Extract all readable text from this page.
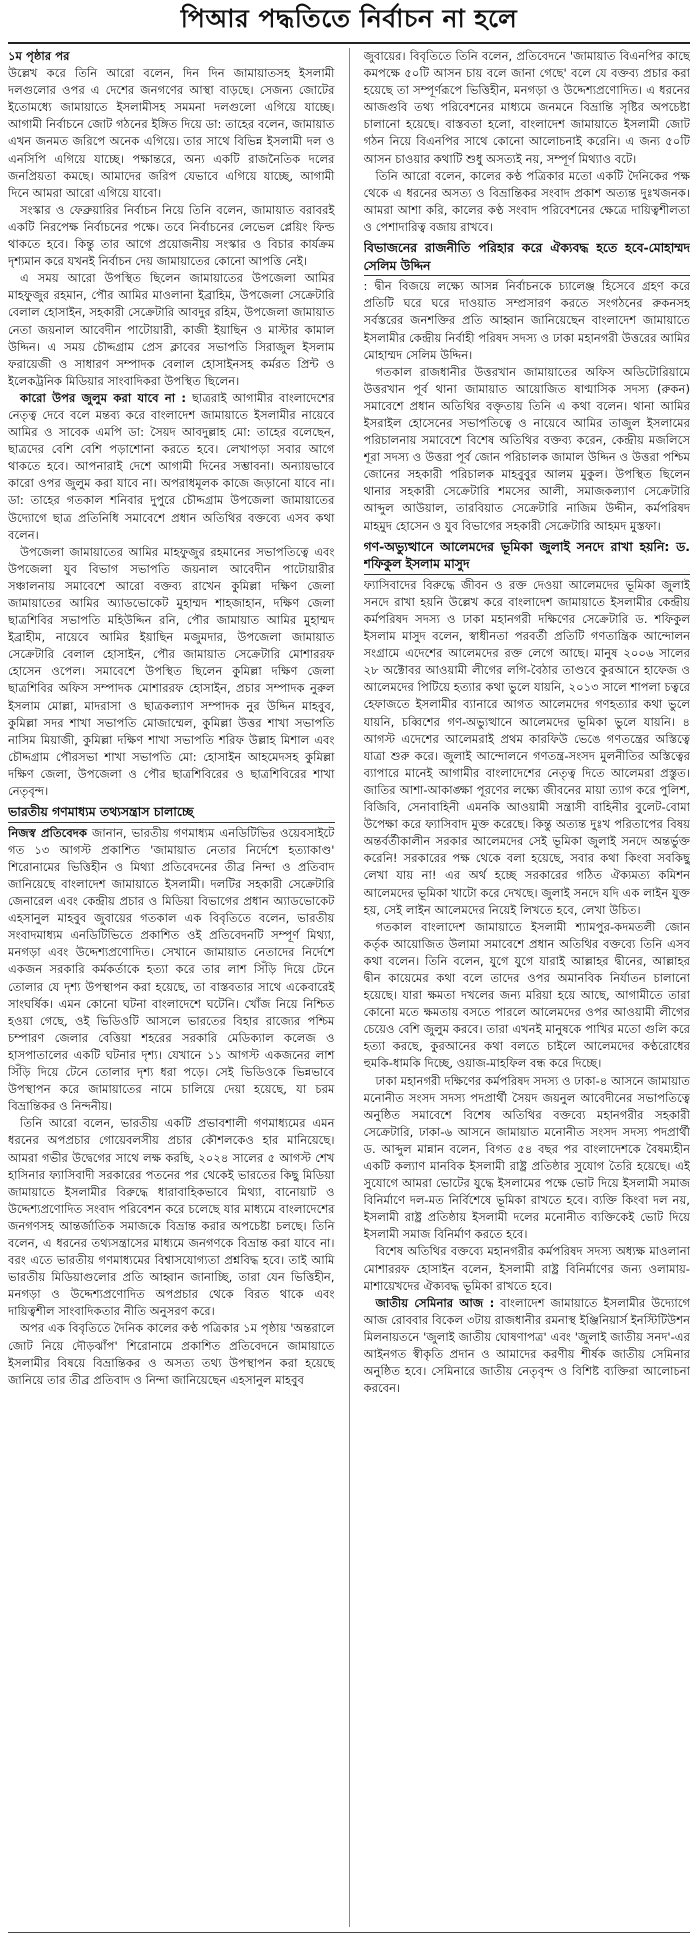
পিআর পদ্ধতিতে নির্বাচন না হলে

১ম পৃষ্ঠার পর

উল্লেখ করে তিনি আরো বলেন, দিন দিন জামায়াতসহ ইসলামী দলগুলোর ওপর এ দেশের জনগণের আস্থা বাড়ছে। সেজন্য জোটের ইতোমধ্যে জামায়াতে ইসলামীসহ সমমনা দলগুলো এগিয়ে যাচ্ছে। আগামী নির্বাচনে জোট গঠনের ইঙ্গিত দিয়ে ডা: তাহের বলেন, জামায়াত এখন জনমত জরিপে অনেক এগিয়ে। তার সাথে বিভিন্ন ইসলামী দল ও এনসিপি এগিয়ে যাচ্ছে। পক্ষান্তরে, অন্য একটি রাজনৈতিক দলের জনপ্রিয়তা কমছে। আমাদের জরিপ যেভাবে এগিয়ে যাচ্ছে, আগামী দিনে আমরা আরো এগিয়ে যাবো।

সংস্কার ও ফেব্রুয়ারির নির্বাচন নিয়ে তিনি বলেন, জামায়াত বরাবরই একটি নিরপেক্ষ নির্বাচনের পক্ষে। তবে নির্বাচনের লেভেল প্লেয়িং ফিল্ড থাকতে হবে। কিন্তু তার আগে প্রয়োজনীয় সংস্কার ও বিচার কার্যক্রম দৃশ্যমান করে যখনই নির্বাচন দেয় জামায়াতের কোনো আপত্তি নেই।

এ সময় আরো উপস্থিত ছিলেন জামায়াতের উপজেলা আমির মাহফুজুর রহমান, পৌর আমির মাওলানা ইব্রাহিম, উপজেলা সেক্রেটারি বেলাল হোসাইন, সহকারী সেক্রেটারি আবদুর রহিম, উপজেলা জামায়াত নেতা জয়নাল আবেদীন পাটোয়ারী, কাজী ইয়াছিন ও মাস্টার কামাল উদ্দিন। এ সময় চৌদ্দগ্রাম প্রেস ক্লাবের সভাপতি সিরাজুল ইসলাম ফরায়েজী ও সাধারণ সম্পাদক বেলাল হোসাইনসহ কর্মরত প্রিন্ট ও ইলেকট্রনিক মিডিয়ার সাংবাদিকরা উপস্থিত ছিলেন।

কারো উপর জুলুম করা যাবে না : ছাত্ররাই আগামীর বাংলাদেশের নেতৃত্ব দেবে বলে মন্তব্য করে বাংলাদেশ জামায়াতে ইসলামীর নায়েবে আমির ও সাবেক এমপি ডা: সৈয়দ আবদুল্লাহ মো: তাহের বলেছেন, ছাত্রদের বেশি বেশি পড়াশোনা করতে হবে। লেখাপড়া সবার আগে থাকতে হবে। আপনারাই দেশে আগামী দিনের সম্ভাবনা। অন্যায়ভাবে কারো ওপর জুলুম করা যাবে না। অপরাধমূলক কাজে জড়ানো যাবে না। ডা: তাহের গতকাল শনিবার দুপুরে চৌদ্দগ্রাম উপজেলা জামায়াতের উদ্যোগে ছাত্র প্রতিনিধি সমাবেশে প্রধান অতিথির বক্তব্যে এসব কথা বলেন।

উপজেলা জামায়াতের আমির মাহফুজুর রহমানের সভাপতিত্বে এবং উপজেলা যুব বিভাগ সভাপতি জয়নাল আবেদীন পাটোয়ারীর সঞ্চালনায় সমাবেশে আরো বক্তব্য রাখেন কুমিল্লা দক্ষিণ জেলা জামায়াতের আমির অ্যাডভোকেট মুহাম্মদ শাহজাহান, দক্ষিণ জেলা ছাত্রশিবির সভাপতি মহিউদ্দিন রনি, পৌর জামায়াত আমির মুহাম্মদ ইব্রাহীম, নায়েবে আমির ইয়াছিন মজুমদার, উপজেলা জামায়াত সেক্রেটারি বেলাল হোসাইন, পৌর জামায়াত সেক্রেটারি মোশাররফ হোসেন ওপেল। সমাবেশে উপস্থিত ছিলেন কুমিল্লা দক্ষিণ জেলা ছাত্রশিবির অফিস সম্পাদক মোশাররফ হোসাইন, প্রচার সম্পাদক নুরুল ইসলাম মোল্লা, মাদরাসা ও ছাত্রকল্যাণ সম্পাদক নুর উদ্দিন মাহবুব, কুমিল্লা সদর শাখা সভাপতি মোজাম্মেল, কুমিল্লা উত্তর শাখা সভাপতি নাসিম মিয়াজী, কুমিল্লা দক্ষিণ শাখা সভাপতি শরিফ উল্লাহ মিশাল এবং চৌদ্দগ্রাম পৌরসভা শাখা সভাপতি মো: হোসাইন আহমেদসহ কুমিল্লা দক্ষিণ জেলা, উপজেলা ও পৌর ছাত্রশিবিরের ও ছাত্রশিবিরের শাখা নেতৃবৃন্দ।

ভারতীয় গণমাধ্যম তথ্যসন্ত্রাস চালাচ্ছে

নিজস্ব প্রতিবেদক জানান, ভারতীয় গণমাধ্যম এনডিটিভির ওয়েবসাইটে গত ১৩ আগস্ট প্রকাশিত 'জামায়াত নেতার নির্দেশে হত্যাকাণ্ড' শিরোনামের ভিত্তিহীন ও মিথ্যা প্রতিবেদনের তীব্র নিন্দা ও প্রতিবাদ জানিয়েছে বাংলাদেশ জামায়াতে ইসলামী। দলটির সহকারী সেক্রেটারি জেনারেল এবং কেন্দ্রীয় প্রচার ও মিডিয়া বিভাগের প্রধান অ্যাডভোকেট এহসানুল মাহবুব জুবায়ের গতকাল এক বিবৃতিতে বলেন, ভারতীয় সংবাদমাধ্যম এনডিটিভিতে প্রকাশিত ওই প্রতিবেদনটি সম্পূর্ণ মিথ্যা, মনগড়া এবং উদ্দেশ্যপ্রণোদিত। সেখানে জামায়াত নেতাদের নির্দেশে একজন সরকারি কর্মকর্তাকে হত্যা করে তার লাশ সিঁড়ি দিয়ে টেনে তোলার যে দৃশ্য উপস্থাপন করা হয়েছে, তা বাস্তবতার সাথে একেবারেই সাংঘর্ষিক। এমন কোনো ঘটনা বাংলাদেশে ঘটেনি। খোঁজ নিয়ে নিশ্চিত হওয়া গেছে, ওই ভিডিওটি আসলে ভারতের বিহার রাজ্যের পশ্চিম চম্পারণ জেলার বেত্তিয়া শহরের সরকারি মেডিক্যাল কলেজ ও হাসপাতালের একটি ঘটনার দৃশ্য। যেখানে ১১ আগস্ট একজনের লাশ সিঁড়ি দিয়ে টেনে তোলার দৃশ্য ধরা পড়ে। সেই ভিডিওকে ভিন্নভাবে উপস্থাপন করে জামায়াতের নামে চালিয়ে দেয়া হয়েছে, যা চরম বিভ্রান্তিকর ও নিন্দনীয়।

তিনি আরো বলেন, ভারতীয় একটি প্রভাবশালী গণমাধ্যমের এমন ধরনের অপপ্রচার গোয়েবলসীয় প্রচার কৌশলকেও হার মানিয়েছে। আমরা গভীর উদ্বেগের সাথে লক্ষ করছি, ২০২৪ সালের ৫ আগস্ট শেখ হাসিনার ফ্যাসিবাদী সরকারের পতনের পর থেকেই ভারতের কিছু মিডিয়া জামায়াতে ইসলামীর বিরুদ্ধে ধারাবাহিকভাবে মিথ্যা, বানোয়াট ও উদ্দেশ্যপ্রণোদিত সংবাদ পরিবেশন করে চলেছে যার মাধ্যমে বাংলাদেশের জনগণসহ আন্তর্জাতিক সমাজকে বিভ্রান্ত করার অপচেষ্টা চলছে। তিনি বলেন, এ ধরনের তথ্যসন্ত্রাসের মাধ্যমে জনগণকে বিভ্রান্ত করা যাবে না। বরং এতে ভারতীয় গণমাধ্যমের বিশ্বাসযোগ্যতা প্রশ্নবিদ্ধ হবে। তাই আমি ভারতীয় মিডিয়াগুলোর প্রতি আহ্বান জানাচ্ছি, তারা যেন ভিত্তিহীন, মনগড়া ও উদ্দেশ্যপ্রণোদিত অপপ্রচার থেকে বিরত থাকে এবং দায়িত্বশীল সাংবাদিকতার নীতি অনুসরণ করে।

অপর এক বিবৃতিতে দৈনিক কালের কণ্ঠ পত্রিকার ১ম পৃষ্ঠায় 'অন্তরালে জোট নিয়ে দৌড়ঝাঁপ' শিরোনামে প্রকাশিত প্রতিবেদনে জামায়াতে ইসলামীর বিষয়ে বিভ্রান্তিকর ও অসত্য তথ্য উপস্থাপন করা হয়েছে জানিয়ে তার তীব্র প্রতিবাদ ও নিন্দা জানিয়েছেন এহসানুল মাহবুব

জুবায়ের। বিবৃতিতে তিনি বলেন, প্রতিবেদনে 'জামায়াত বিএনপির কাছে কমপক্ষে ৫০টি আসন চায় বলে জানা গেছে' বলে যে বক্তব্য প্রচার করা হয়েছে তা সম্পূর্ণরূপে ভিত্তিহীন, মনগড়া ও উদ্দেশ্যপ্রণোদিত। এ ধরনের আজগুবি তথ্য পরিবেশনের মাধ্যমে জনমনে বিভ্রান্তি সৃষ্টির অপচেষ্টা চালানো হয়েছে। বাস্তবতা হলো, বাংলাদেশ জামায়াতে ইসলামী জোট গঠন নিয়ে বিএনপির সাথে কোনো আলোচনাই করেনি। এ জন্য ৫০টি আসন চাওয়ার কথাটি শুধু অসত্যই নয়, সম্পূর্ণ মিথ্যাও বটে।

তিনি আরো বলেন, কালের কণ্ঠ পত্রিকার মতো একটি দৈনিকের পক্ষ থেকে এ ধরনের অসত্য ও বিভ্রান্তিকর সংবাদ প্রকাশ অত্যন্ত দুঃখজনক। আমরা আশা করি, কালের কণ্ঠ সংবাদ পরিবেশনের ক্ষেত্রে দায়িত্বশীলতা ও পেশাদারিত্ব বজায় রাখবে।

বিভাজনের রাজনীতি পরিহার করে ঐক্যবদ্ধ হতে হবে-মোহাম্মদ সেলিম উদ্দিন

: দ্বীন বিজয়ে লক্ষ্যে আসন্ন নির্বাচনকে চ্যালেঞ্জ হিসেবে গ্রহণ করে প্রতিটি ঘরে ঘরে দাওয়াত সম্প্রসারণ করতে সংগঠনের রুকনসহ সর্বস্তরের জনশক্তির প্রতি আহ্বান জানিয়েছেন বাংলাদেশ জামায়াতে ইসলামীর কেন্দ্রীয় নির্বাহী পরিষদ সদস্য ও ঢাকা মহানগরী উত্তরের আমির মোহাম্মদ সেলিম উদ্দিন।

গতকাল রাজধানীর উত্তরখান জামায়াতের অফিস অডিটোরিয়ামে উত্তরখান পূর্ব থানা জামায়াত আয়োজিত ষাণ্মাসিক সদস্য (রুকন) সমাবেশে প্রধান অতিথির বক্তৃতায় তিনি এ কথা বলেন। থানা আমির ইসরাইল হোসেনের সভাপতিত্বে ও নায়েবে আমির তাজুল ইসলামের পরিচালনায় সমাবেশে বিশেষ অতিথির বক্তব্য করেন, কেন্দ্রীয় মজলিসে শূরা সদস্য ও উত্তরা পূর্ব জোন পরিচালক জামাল উদ্দিন ও উত্তরা পশ্চিম জোনের সহকারী পরিচালক মাহবুবুর আলম মুকুল। উপস্থিত ছিলেন থানার সহকারী সেক্রেটারি শমসের আলী, সমাজকল্যাণ সেক্রেটারি আব্দুল আউয়াল, তারবিয়াত সেক্রেটারি নাজিম উদ্দীন, কর্মপরিষদ মাহমুদ হোসেন ও যুব বিভাগের সহকারী সেক্রেটারি আহমদ মুস্তফা।

গণ-অভ্যুত্থানে আলেমদের ভূমিকা জুলাই সনদে রাখা হয়নি: ড. শফিকুল ইসলাম মাসুদ

ফ্যাসিবাদের বিরুদ্ধে জীবন ও রক্ত দেওয়া আলেমদের ভূমিকা জুলাই সনদে রাখা হয়নি উল্লেখ করে বাংলাদেশ জামায়াতে ইসলামীর কেন্দ্রীয় কর্মপরিষদ সদস্য ও ঢাকা মহানগরী দক্ষিণের সেক্রেটারি ড. শফিকুল ইসলাম মাসুদ বলেন, স্বাধীনতা পরবর্তী প্রতিটি গণতান্ত্রিক আন্দোলন সংগ্রামে এদেশের আলেমদের রক্ত লেগে আছে। মানুষ ২০০৬ সালের ২৮ অক্টোবর আওয়ামী লীগের লগি-বৈঠার তাণ্ডবে কুরআনে হাফেজ ও আলেমদের পিটিয়ে হত্যার কথা ভুলে যায়নি, ২০১৩ সালে শাপলা চত্বরে হেফাজতে ইসলামীর ব্যানারে আগত আলেমদের গণহত্যার কথা ভুলে যায়নি, চব্বিশের গণ-অভ্যুত্থানে আলেমদের ভূমিকা ভুলে যায়নি। ৪ আগস্ট এদেশের আলেমরাই প্রথম কারফিউ ভেঙে গণতন্ত্রের অস্তিত্বে যাত্রা শুরু করে। জুলাই আন্দোলনে গণতন্ত্র-সংসদ মুলনীতির অস্তিত্বের ব্যাপারে মানেই আগামীর বাংলাদেশের নেতৃত্ব দিতে আলেমরা প্রস্তুত। জাতির আশা-আকাঙ্ক্ষা পূরণের লক্ষ্যে জীবনের মায়া ত্যাগ করে পুলিশ, বিজিবি, সেনাবাহিনী এমনকি আওয়ামী সন্ত্রাসী বাহিনীর বুলেট-বোমা উপেক্ষা করে ফ্যাসিবাদ মুক্ত করেছে। কিন্তু অত্যন্ত দুঃখ পরিতাপের বিষয় অন্তর্বর্তীকালীন সরকার আলেমদের সেই ভূমিকা জুলাই সনদে অন্তর্ভুক্ত করেনি! সরকারের পক্ষ থেকে বলা হয়েছে, সবার কথা কিংবা সবকিছু লেখা যায় না! এর অর্থ হচ্ছে সরকারের গঠিত ঐক্যমত্য কমিশন আলেমদের ভূমিকা খাটো করে দেখছে। জুলাই সনদে যদি এক লাইন যুক্ত হয়, সেই লাইন আলেমদের নিয়েই লিখতে হবে, লেখা উচিত।

গতকাল বাংলাদেশ জামায়াতে ইসলামী শ্যামপুর-কদমতলী জোন কর্তৃক আয়োজিত উলামা সমাবেশে প্রধান অতিথির বক্তব্যে তিনি এসব কথা বলেন। তিনি বলেন, যুগে যুগে যারাই আল্লাহর দ্বীনের, আল্লাহর দ্বীন কায়েমের কথা বলে তাদের ওপর অমানবিক নির্যাতন চালানো হয়েছে। যারা ক্ষমতা দখলের জন্য মরিয়া হয়ে আছে, আগামীতে তারা কোনো মতে ক্ষমতায় বসতে পারলে আলেমদের ওপর আওয়ামী লীগের চেয়েও বেশি জুলুম করবে। তারা এখনই মানুষকে পাখির মতো গুলি করে হত্যা করছে, কুরআনের কথা বলতে চাইলে আলেমদের কণ্ঠরোধের হুমকি-ধামকি দিচ্ছে, ওয়াজ-মাহফিল বন্ধ করে দিচ্ছে।

ঢাকা মহানগরী দক্ষিণের কর্মপরিষদ সদস্য ও ঢাকা-৪ আসনে জামায়াত মনোনীত সংসদ সদস্য পদপ্রার্থী সৈয়দ জয়নুল আবেদীনের সভাপতিত্বে অনুষ্ঠিত সমাবেশে বিশেষ অতিথির বক্তব্যে মহানগরীর সহকারী সেক্রেটারি, ঢাকা-৬ আসনে জামায়াত মনোনীত সংসদ সদস্য পদপ্রার্থী ড. আব্দুল মান্নান বলেন, বিগত ৫৪ বছর পর বাংলাদেশকে বৈষম্যহীন একটি কল্যাণ মানবিক ইসলামী রাষ্ট্র প্রতিষ্ঠার সুযোগ তৈরি হয়েছে। এই সুযোগে আমরা ভোটের যুদ্ধে ইসলামের পক্ষে ভোট দিয়ে ইসলামী সমাজ বিনির্মাণে দল-মত নির্বিশেষে ভূমিকা রাখতে হবে। ব্যক্তি কিংবা দল নয়, ইসলামী রাষ্ট্র প্রতিষ্ঠায় ইসলামী দলের মনোনীত ব্যক্তিকেই ভোট দিয়ে ইসলামী সমাজ বিনির্মাণ করতে হবে।

বিশেষ অতিথির বক্তব্যে মহানগরীর কর্মপরিষদ সদস্য অধ্যক্ষ মাওলানা মোশাররফ হোসাইন বলেন, ইসলামী রাষ্ট্র বিনির্মাণের জন্য ওলামায়-মাশায়েখদের ঐক্যবদ্ধ ভূমিকা রাখতে হবে।

জাতীয় সেমিনার আজ : বাংলাদেশ জামায়াতে ইসলামীর উদ্যোগে আজ রোববার বিকেল ৩টায় রাজধানীর রমনাস্থ ইঞ্জিনিয়ার্স ইনস্টিটিউশন মিলনায়তনে 'জুলাই জাতীয় ঘোষণাপত্র' এবং 'জুলাই জাতীয় সনদ'-এর আইনগত স্বীকৃতি প্রদান ও আমাদের করণীয় শীর্ষক জাতীয় সেমিনার অনুষ্ঠিত হবে। সেমিনারে জাতীয় নেতৃবৃন্দ ও বিশিষ্ট ব্যক্তিরা আলোচনা করবেন।
